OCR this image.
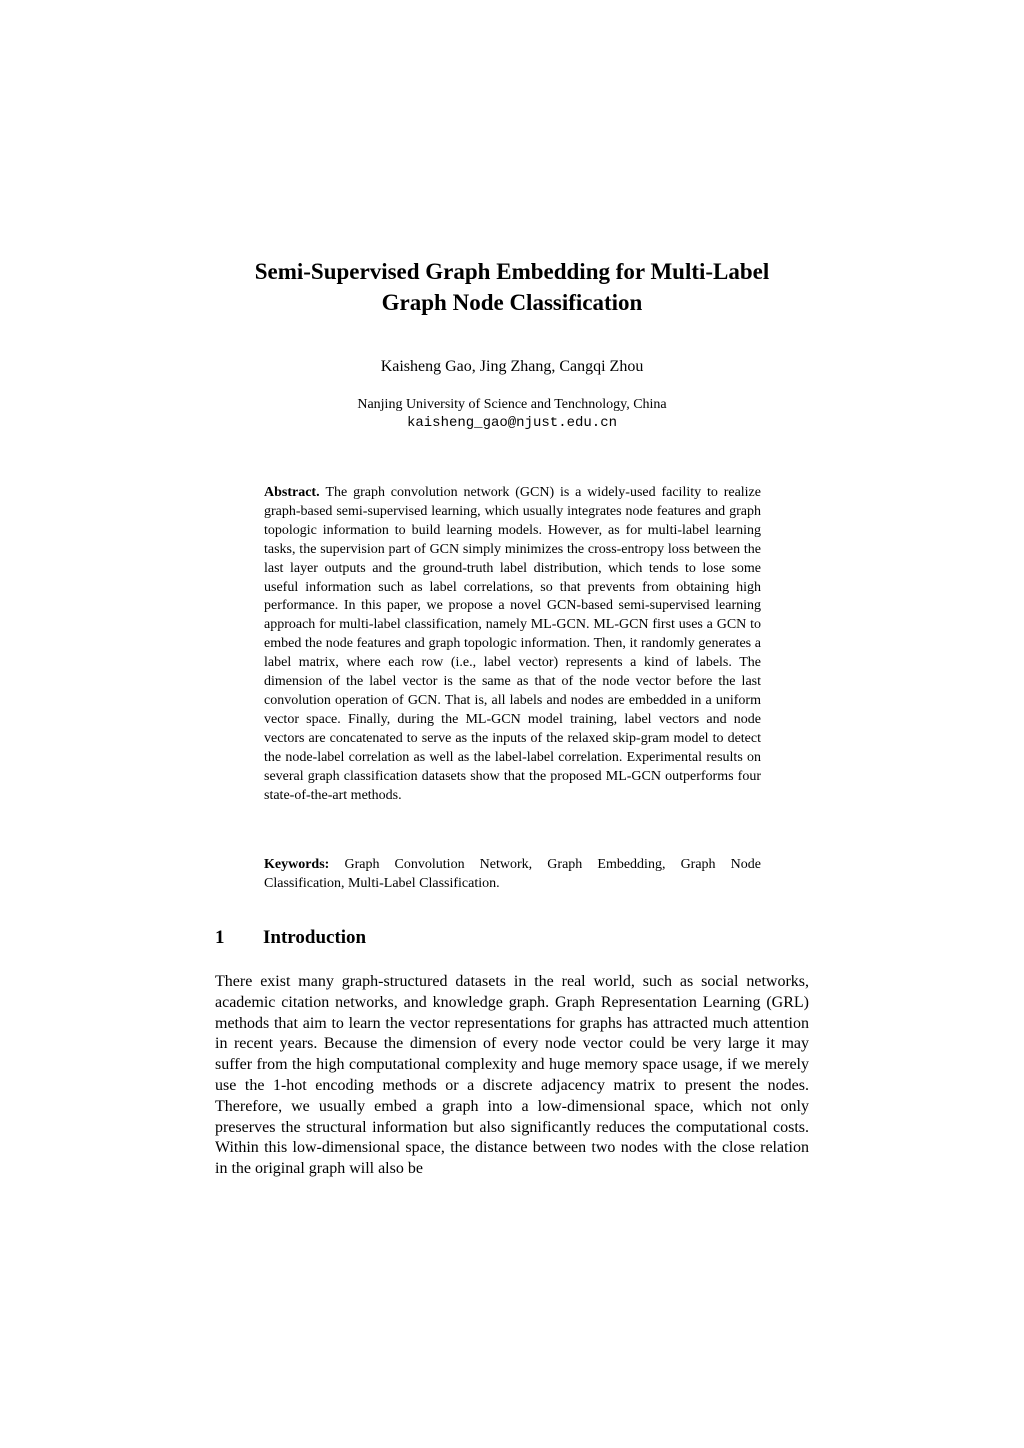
Semi-Supervised Graph Embedding for Multi-Label
Graph Node Classification
Kaisheng Gao, Jing Zhang, Cangqi Zhou
Nanjing University of Science and Tenchnology, China
kaisheng_gao@njust.edu.cn
Abstract. The graph convolution network (GCN) is a widely-used facility to realize graph-based semi-supervised learning, which usually integrates node features and graph topologic information to build learning models. However, as for multi-label learning tasks, the supervision part of GCN simply minimizes the cross-entropy loss between the last layer outputs and the ground-truth label distribution, which tends to lose some useful information such as label correlations, so that prevents from obtaining high performance. In this paper, we propose a novel GCN-based semi-supervised learning approach for multi-label classification, namely ML-GCN. ML-GCN first uses a GCN to embed the node features and graph topologic information. Then, it randomly generates a label matrix, where each row (i.e., label vector) represents a kind of labels. The dimension of the label vector is the same as that of the node vector before the last convolution operation of GCN. That is, all labels and nodes are embedded in a uniform vector space. Finally, during the ML-GCN model training, label vectors and node vectors are concatenated to serve as the inputs of the relaxed skip-gram model to detect the node-label correlation as well as the label-label correlation. Experimental results on several graph classification datasets show that the proposed ML-GCN outperforms four state-of-the-art methods.
Keywords: Graph Convolution Network, Graph Embedding, Graph Node Classification, Multi-Label Classification.
1 Introduction

There exist many graph-structured datasets in the real world, such as social networks, academic citation networks, and knowledge graph. Graph Representation Learning (GRL) methods that aim to learn the vector representations for graphs has attracted much attention in recent years. Because the dimension of every node vector could be very large it may suffer from the high computational complexity and huge memory space usage, if we merely use the 1-hot encoding methods or a discrete adjacency matrix to present the nodes. Therefore, we usually embed a graph into a low-dimensional space, which not only preserves the structural information but also significantly reduces the computational costs. Within this low-dimensional space, the distance between two nodes with the close relation in the original graph will also be
